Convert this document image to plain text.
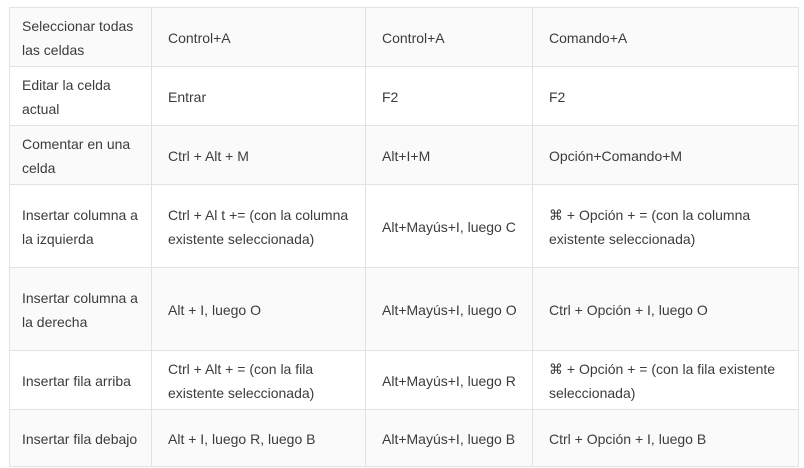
Seleccionar todas las celdas	Control+A	Control+A	Comando+A
Editar la celda actual	Entrar	F2	F2
Comentar en una celda	Ctrl + Alt + M	Alt+I+M	Opción+Comando+M
Insertar columna a la izquierda	Ctrl + Al t += (con la columna existente seleccionada)	Alt+Mayús+I, luego C	⌘ + Opción + = (con la columna existente seleccionada)
Insertar columna a la derecha	Alt + I, luego O	Alt+Mayús+I, luego O	Ctrl + Opción + I, luego O
Insertar fila arriba	Ctrl + Alt + = (con la fila existente seleccionada)	Alt+Mayús+I, luego R	⌘ + Opción + = (con la fila existente seleccionada)
Insertar fila debajo	Alt + I, luego R, luego B	Alt+Mayús+I, luego B	Ctrl + Opción + I, luego B
